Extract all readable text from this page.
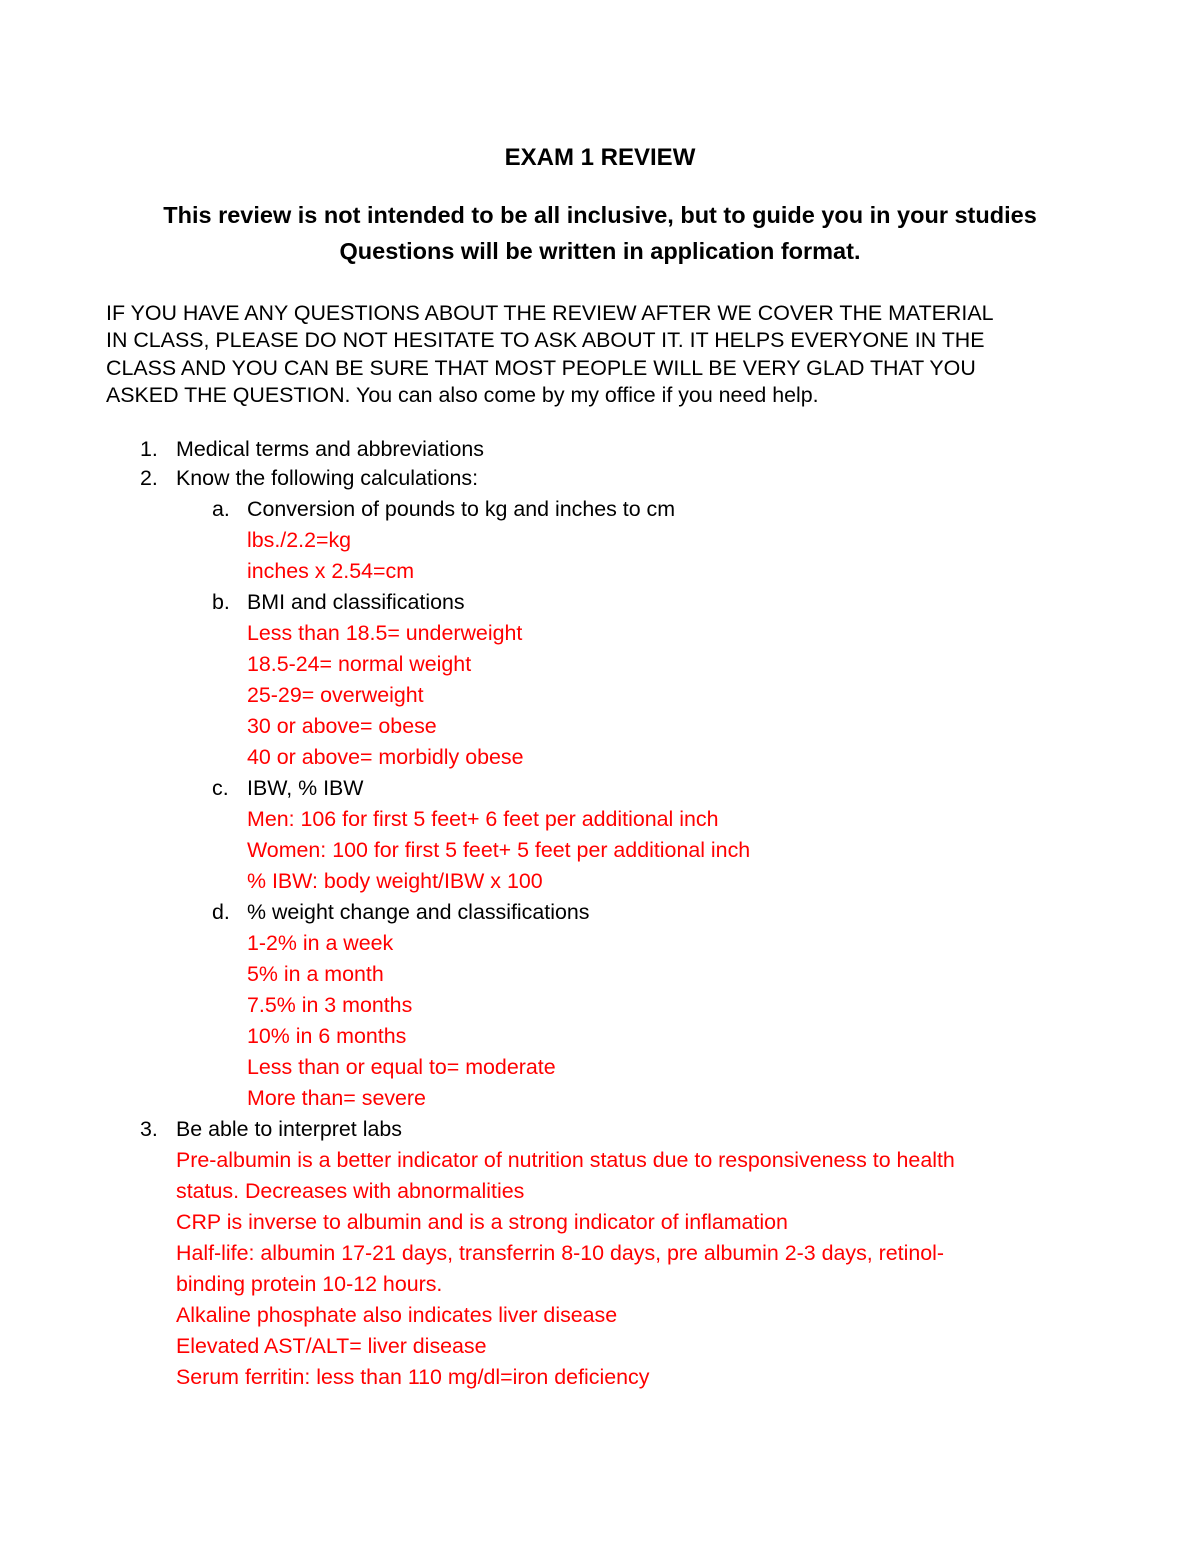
EXAM 1 REVIEW
This review is not intended to be all inclusive, but to guide you in your studies
Questions will be written in application format.
IF YOU HAVE ANY QUESTIONS ABOUT THE REVIEW AFTER WE COVER THE MATERIAL
IN CLASS, PLEASE DO NOT HESITATE TO ASK ABOUT IT. IT HELPS EVERYONE IN THE
CLASS AND YOU CAN BE SURE THAT MOST PEOPLE WILL BE VERY GLAD THAT YOU
ASKED THE QUESTION. You can also come by my office if you need help.
1. Medical terms and abbreviations
2. Know the following calculations:
a. Conversion of pounds to kg and inches to cm
lbs./2.2=kg
inches x 2.54=cm
b. BMI and classifications
Less than 18.5= underweight
18.5-24= normal weight
25-29= overweight
30 or above= obese
40 or above= morbidly obese
c. IBW, % IBW
Men: 106 for first 5 feet+ 6 feet per additional inch
Women: 100 for first 5 feet+ 5 feet per additional inch
% IBW: body weight/IBW x 100
d. % weight change and classifications
1-2% in a week
5% in a month
7.5% in 3 months
10% in 6 months
Less than or equal to= moderate
More than= severe
3. Be able to interpret labs
Pre-albumin is a better indicator of nutrition status due to responsiveness to health
status. Decreases with abnormalities
CRP is inverse to albumin and is a strong indicator of inflamation
Half-life: albumin 17-21 days, transferrin 8-10 days, pre albumin 2-3 days, retinol-
binding protein 10-12 hours.
Alkaline phosphate also indicates liver disease
Elevated AST/ALT= liver disease
Serum ferritin: less than 110 mg/dl=iron deficiency
